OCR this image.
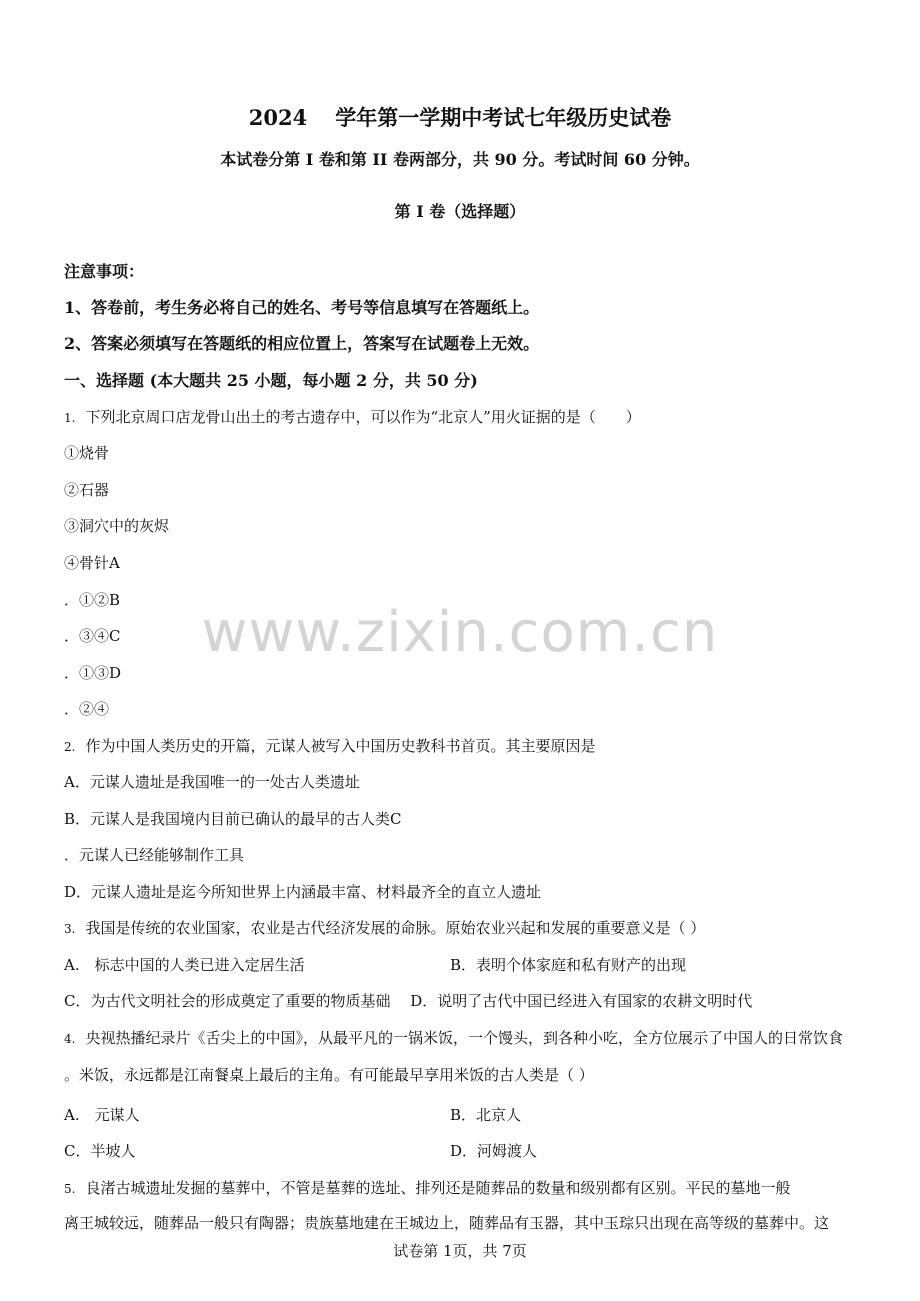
2024 学年第一学期中考试七年级历史试卷
本试卷分第 I 卷和第 II 卷两部分，共 90 分。考试时间 60 分钟。
第 I 卷（选择题）
注意事项：
1、答卷前，考生务必将自己的姓名、考号等信息填写在答题纸上。
2、答案必须填写在答题纸的相应位置上，答案写在试题卷上无效。
一、选择题 (本大题共 25 小题，每小题 2 分，共 50 分)
1. 下列北京周口店龙骨山出土的考古遗存中，可以作为“北京人”用火证据的是（　　）
①烧骨
②石器
③洞穴中的灰烬
④骨针A
．①②B
．③④C
．①③D
．②④
2. 作为中国人类历史的开篇，元谋人被写入中国历史教科书首页。其主要原因是
A．元谋人遗址是我国唯一的一处古人类遗址
B．元谋人是我国境内目前已确认的最早的古人类C
．元谋人已经能够制作工具
D．元谋人遗址是迄今所知世界上内涵最丰富、材料最齐全的直立人遗址
3. 我国是传统的农业国家，农业是古代经济发展的命脉。原始农业兴起和发展的重要意义是（ ）
A.　标志中国的人类已进入定居生活	B．表明个体家庭和私有财产的出现
C．为古代文明社会的形成奠定了重要的物质基础　 D．说明了古代中国已经进入有国家的农耕文明时代
4. 央视热播纪录片《舌尖上的中国》，从最平凡的一锅米饭，一个馒头，到各种小吃，全方位展示了中国人的日常饮食
。米饭，永远都是江南餐桌上最后的主角。有可能最早享用米饭的古人类是（ ）
A.　元谋人	B．北京人
C．半坡人	D．河姆渡人
5. 良渚古城遗址发掘的墓葬中，不管是墓葬的选址、排列还是随葬品的数量和级别都有区别。平民的墓地一般
离王城较远，随葬品一般只有陶器；贵族墓地建在王城边上，随葬品有玉器，其中玉琮只出现在高等级的墓葬中。这
www.zixin.com.cn
试卷第 1页，共 7页
